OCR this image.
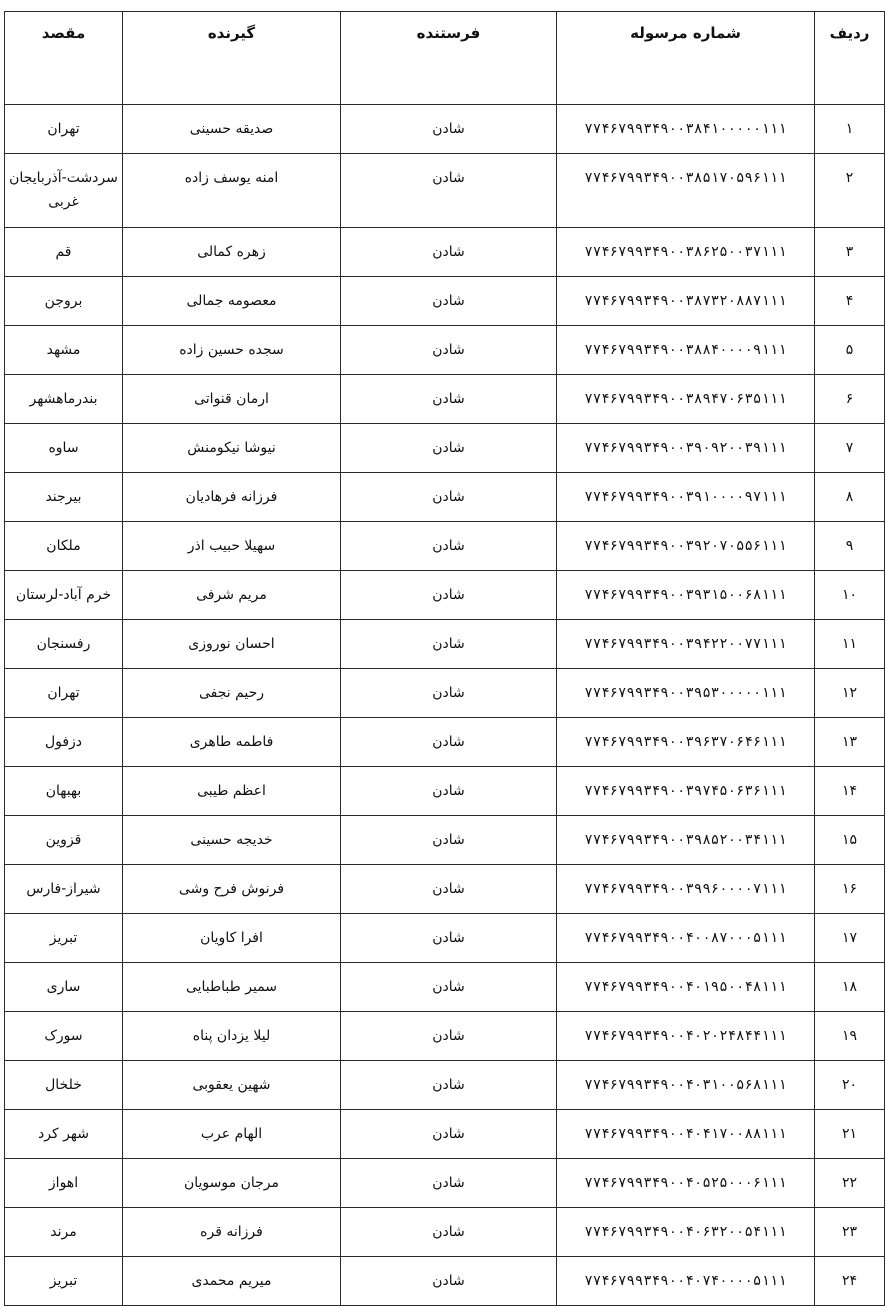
ردیف	شماره مرسوله	فرستنده	گیرنده	مقصد
۱	۷۷۴۶۷۹۹۳۴۹۰۰۳۸۴۱۰۰۰۰۰۱۱۱	شادن	صدیقه حسینی	تهران
۲	۷۷۴۶۷۹۹۳۴۹۰۰۳۸۵۱۷۰۵۹۶۱۱۱	شادن	امنه یوسف زاده	سردشت-آذربایجان غربی
۳	۷۷۴۶۷۹۹۳۴۹۰۰۳۸۶۲۵۰۰۳۷۱۱۱	شادن	زهره کمالی	قم
۴	۷۷۴۶۷۹۹۳۴۹۰۰۳۸۷۳۲۰۸۸۷۱۱۱	شادن	معصومه جمالی	بروجن
۵	۷۷۴۶۷۹۹۳۴۹۰۰۳۸۸۴۰۰۰۰۹۱۱۱	شادن	سجده حسین زاده	مشهد
۶	۷۷۴۶۷۹۹۳۴۹۰۰۳۸۹۴۷۰۶۳۵۱۱۱	شادن	ارمان قنواتی	بندرماهشهر
۷	۷۷۴۶۷۹۹۳۴۹۰۰۳۹۰۹۲۰۰۳۹۱۱۱	شادن	نیوشا نیکومنش	ساوه
۸	۷۷۴۶۷۹۹۳۴۹۰۰۳۹۱۰۰۰۰۹۷۱۱۱	شادن	فرزانه فرهادیان	بیرجند
۹	۷۷۴۶۷۹۹۳۴۹۰۰۳۹۲۰۷۰۵۵۶۱۱۱	شادن	سهیلا حبیب اذر	ملکان
۱۰	۷۷۴۶۷۹۹۳۴۹۰۰۳۹۳۱۵۰۰۶۸۱۱۱	شادن	مریم شرفی	خرم آباد-لرستان
۱۱	۷۷۴۶۷۹۹۳۴۹۰۰۳۹۴۲۲۰۰۷۷۱۱۱	شادن	احسان نوروزی	رفسنجان
۱۲	۷۷۴۶۷۹۹۳۴۹۰۰۳۹۵۳۰۰۰۰۰۱۱۱	شادن	رحیم نجفی	تهران
۱۳	۷۷۴۶۷۹۹۳۴۹۰۰۳۹۶۳۷۰۶۴۶۱۱۱	شادن	فاطمه طاهری	دزفول
۱۴	۷۷۴۶۷۹۹۳۴۹۰۰۳۹۷۴۵۰۶۳۶۱۱۱	شادن	اعظم طیبی	بهبهان
۱۵	۷۷۴۶۷۹۹۳۴۹۰۰۳۹۸۵۲۰۰۳۴۱۱۱	شادن	خدیجه حسینی	قزوین
۱۶	۷۷۴۶۷۹۹۳۴۹۰۰۳۹۹۶۰۰۰۰۷۱۱۱	شادن	فرنوش فرح وشی	شیراز-فارس
۱۷	۷۷۴۶۷۹۹۳۴۹۰۰۴۰۰۸۷۰۰۰۵۱۱۱	شادن	افرا کاویان	تبریز
۱۸	۷۷۴۶۷۹۹۳۴۹۰۰۴۰۱۹۵۰۰۴۸۱۱۱	شادن	سمیر طباطبایی	ساری
۱۹	۷۷۴۶۷۹۹۳۴۹۰۰۴۰۲۰۲۴۸۴۴۱۱۱	شادن	لیلا یزدان پناه	سورک
۲۰	۷۷۴۶۷۹۹۳۴۹۰۰۴۰۳۱۰۰۵۶۸۱۱۱	شادن	شهین یعقوبی	خلخال
۲۱	۷۷۴۶۷۹۹۳۴۹۰۰۴۰۴۱۷۰۰۸۸۱۱۱	شادن	الهام عرب	شهر کرد
۲۲	۷۷۴۶۷۹۹۳۴۹۰۰۴۰۵۲۵۰۰۰۶۱۱۱	شادن	مرجان موسویان	اهواز
۲۳	۷۷۴۶۷۹۹۳۴۹۰۰۴۰۶۳۲۰۰۵۴۱۱۱	شادن	فرزانه قره	مرند
۲۴	۷۷۴۶۷۹۹۳۴۹۰۰۴۰۷۴۰۰۰۰۵۱۱۱	شادن	میریم محمدی	تبریز
